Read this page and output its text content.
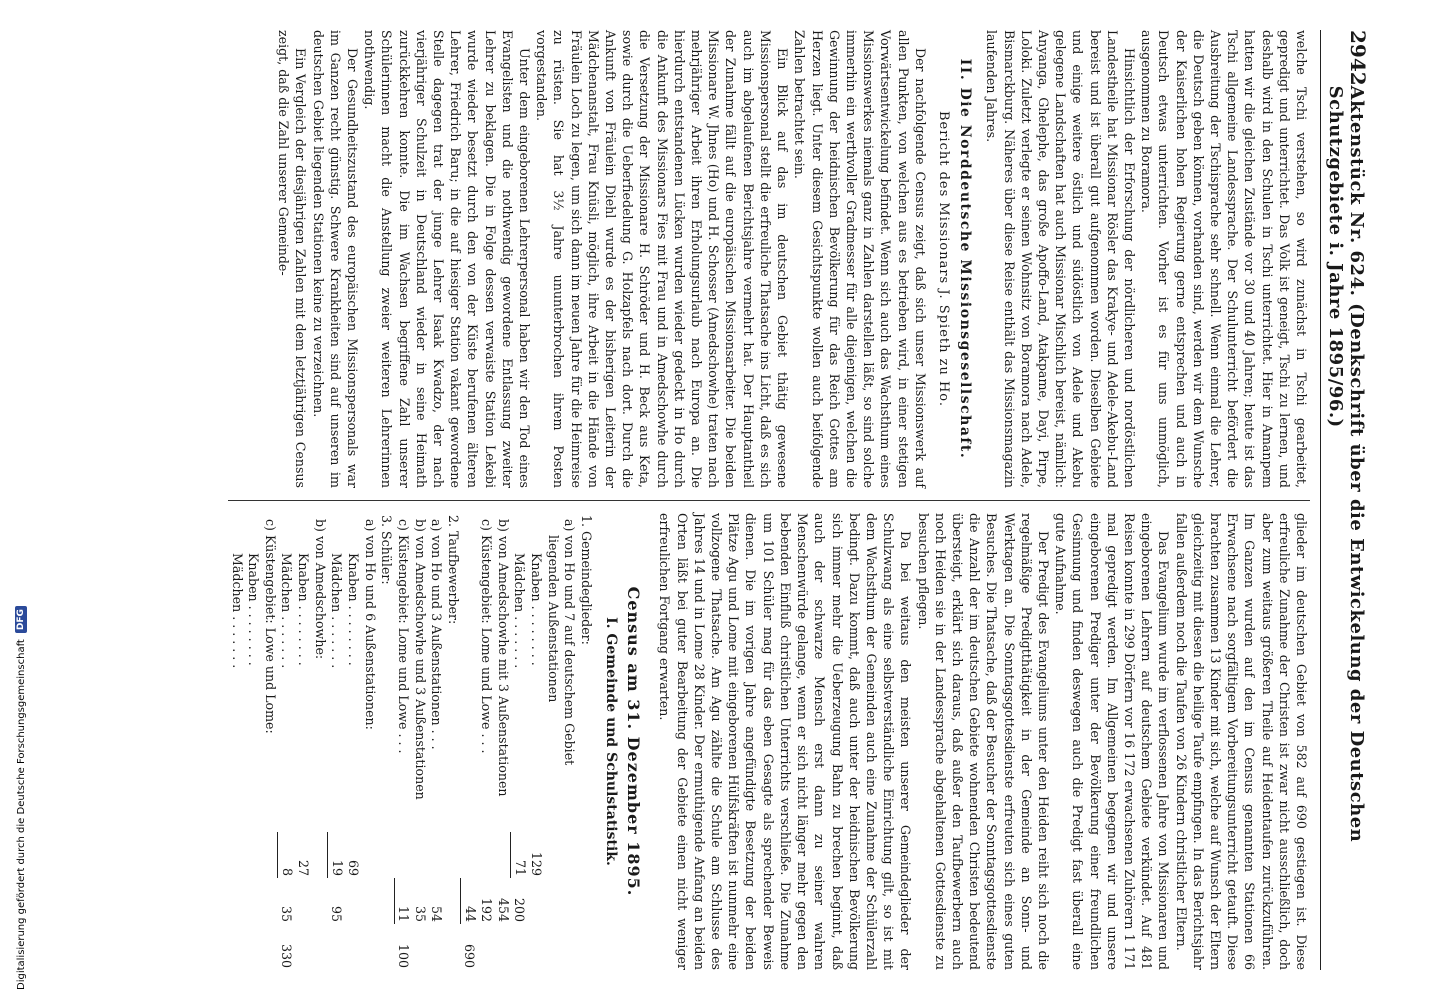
2942
Aktenstück Nr. 624. (Denkschrift über die Entwickelung der Deutschen Schutzgebiete i. Jahre 1895/96.)

welche Tschi verstehen, so wird zunächst in Tschi gearbeitet, gepredigt und unterrichtet. Das Volk ist geneigt, Tschi zu lernen, und deshalb wird in den Schulen in Tschi unterrichtet. Hier in Amanpem hatten wir die gleichen Zustände vor 30 und 40 Jahren; heute ist das Tschi allgemeine Landessprache. Der Schulunterricht befördert die Ausbreitung der Tschisprache sehr schnell. Wenn einmal die Lehrer, die Deutsch geben können, vorhanden sind, werden wir dem Wunsche der Kaiserlichen hohen Regierung gerne entsprechen und auch in Deutsch etwas unterrichten. Vorher ist es für uns unmöglich, ausgenommen zu Boramora.

Hinsichtlich der Erforschung der nördlicheren und nordöstlichen Landestheile hat Missionar Rösler das Krakye- und Adele-Akebu-Land bereist und ist überall gut aufgenommen worden. Dieselben Gebiete und einige weitere östlich und südöstlich von Adele und Akebu gelegene Landschaften hat auch Missionar Mischlich bereist, nämlich: Anyanga, Ghelephe, das große Apoffo-Land, Atakpame, Dayi, Pirpe, Loloki. Zuletzt verlegte er seinen Wohnsitz von Boramora nach Adele, Bismarckburg. Näheres über diese Reise enthält das Missionsmagazin laufenden Jahres.

II. Die Norddeutsche Missionsgesellschaft.
Bericht des Missionars J. Spieth zu Ho.

Der nachfolgende Census zeigt, daß sich unser Missionswerk auf allen Punkten, von welchen aus es betrieben wird, in einer stetigen Vorwärtsentwickelung befindet. Wenn sich auch das Wachsthum eines Missionswerkes niemals ganz in Zahlen darstellen läßt, so sind solche immerhin ein werthvoller Gradmesser für alle diejenigen, welchen die Gewinnung der heidnischen Bevölkerung für das Reich Gottes am Herzen liegt. Unter diesem Gesichtspunkte wollen auch beifolgende Zahlen betrachtet sein.

Ein Blick auf das im deutschen Gebiet thätig gewesene Missionspersonal stellt die erfreuliche Thatsache ins Licht, daß es sich auch im abgelaufenen Berichtsjahre vermehrt hat. Der Hauptantheil der Zunahme fällt auf die europäischen Missionsarbeiter. Die beiden Missionare W. Jhnes (Ho) und H. Schosser (Amedschowhe) traten nach mehrjähriger Arbeit ihren Erholungsurlaub nach Europa an. Die hierdurch entstandenen Lücken wurden wieder gedeckt in Ho durch die Ankunft des Missionars Fies mit Frau und in Amedschowhe durch die Versetzung der Missionare H. Schröder und H. Beck aus Keta, sowie durch die Ueberfiedelung G. Holzapfels nach dort. Durch die Ankunft von Fräulein Diehl wurde es der bisherigen Leiterin der Mädchenanstalt, Frau Knüsli, möglich, ihre Arbeit in die Hände von Fräulein Loch zu legen, um sich dann im neuen Jahre für die Heimreise zu rüsten. Sie hat 3½ Jahre ununterbrochen ihrem Posten vorgestanden.

Unter dem eingeborenen Lehrerpersonal haben wir den Tod eines Evangelisten und die nothwendig gewordene Entlassung zweiter Lehrer zu beklagen. Die in Folge dessen verwaiste Station Lekebi wurde wieder besetzt durch den von der Küste berufenen älteren Lehrer, Friedrich Baru; in die auf hiesiger Station vakant gewordene Stelle dagegen trat der junge Lehrer Isaak Kwadzo, der nach vierjähriger Schulzeit in Deutschland wieder in seine Heimath zurückkehren konnte. Die im Wachsen begriffene Zahl unserer Schülerinnen macht die Anstellung zweier weiteren Lehrerinnen nothwendig.

Der Gesundheitszustand des europäischen Missionspersonals war im Ganzen recht günstig. Schwere Krankheiten sind auf unseren im deutschen Gebiet liegenden Stationen keine zu verzeichnen.

Ein Vergleich der diesjährigen Zahlen mit dem letztjährigen Census zeigt, daß die Zahl unserer Gemeinde-

glieder im deutschen Gebiet von 582 auf 690 gestiegen ist. Diese erfreuliche Zunahme der Christen ist zwar nicht ausschließlich, doch aber zum weitaus größeren Theile auf Heidentaufen zurückzuführen. Im Ganzen wurden auf den im Census genannten Stationen 66 Erwachsene nach sorgfältigem Vorbereitungsunterricht getauft. Diese brachten zusammen 13 Kinder mit sich, welche auf Wunsch der Eltern gleichzeitig mit diesen die heilige Taufe empfingen. In das Berichtsjahr fallen außerdem noch die Taufen von 26 Kindern christlicher Eltern.

Das Evangelium wurde im verflossenen Jahre von Missionaren und eingeborenen Lehrern auf deutschem Gebiete verkündet. Auf 481 Reisen konnte in 299 Dörfern vor 16 172 erwachsenen Zuhörern 1 171 mal gepredigt werden. Im Allgemeinen begegnen wir und unsere eingeborenen Prediger unter der Bevölkerung einer freundlichen Gesinnung und finden deswegen auch die Predigt fast überall eine gute Aufnahme.

Der Predigt des Evangeliums unter den Heiden reiht sich noch die regelmäßige Predigtthätigkeit in der Gemeinde an Sonn- und Werktagen an. Die Sonntagsgottesdienste erfreuten sich eines guten Besuches. Die Thatsache, daß der Besucher der Sonntagsgottesdienste die Anzahl der im deutschen Gebiete wohnenden Christen bedeutend übersteigt, erklärt sich daraus, daß außer den Taufbewerbern auch noch Heiden sie in der Landessprache abgehaltenen Gottesdienste zu besuchen pflegen.

Da bei weitaus den meisten unserer Gemeindeglieder der Schulzwang als eine selbstverständliche Einrichtung gilt, so ist mit dem Wachsthum der Gemeinden auch eine Zunahme der Schülerzahl bedingt. Dazu kommt, daß auch unter der heidnischen Bevölkerung sich immer mehr die Ueberzeugung Bahn zu brechen beginnt, daß auch der schwarze Mensch erst dann zu seiner wahren Menschenwürde gelange, wenn er sich nicht länger mehr gegen den bebenden Einfluß christlichen Unterrichts verschließe. Die Zunahme um 101 Schüler mag für das eben Gesagte als sprechender Beweis dienen. Die im vorigen Jahre angefündigte Besetzung der beiden Plätze Agu und Lome mit eingeborenen Hülfskräften ist nunmehr eine vollzogene Thatsache. Am Agu zählte die Schule am Schlusse des Jahres 14 und in Lome 28 Kinder. Der ermuthigende Anfang an beiden Orten läßt bei guter Bearbeitung der Gebiete einen nicht weniger erfreulichen Fortgang erwarten.

Census am 31. Dezember 1895.
I. Gemeinde und Schulstatistik.
1. Gemeindeglieder:			
a) von Ho und 7 auf deutschem Gebiet			
liegenden Außenstationen			
Knaben . . . . . . . .	129		
Mädchen . . . . . . .	71	200	
b) von Amedschowhe mit 3 Außenstationen		454	
c) Küstengebiet: Lome und Lowe . . .		192	
		44	690
2. Taufbewerber:			
a) von Ho und 3 Außenstationen . . .		54	
b) von Amedschowhe und 3 Außenstationen		35	
c) Küstengebiet: Lome und Lowe . . .		11	100
3. Schüler:			
a) von Ho und 6 Außenstationen:			
Knaben . . . . . . . .	69		
Mädchen . . . . . . .	19	95	
b) von Amedschowhe:			
Knaben . . . . . . . .	27		
Mädchen . . . . . . .	8	35	330
c) Küstengebiet: Lowe und Lome:			
Knaben . . . . . . . .			
Mädchen . . . . . . .			
Digitalisierung gefördert durch die Deutsche Forschungsgemeinschaft
DFG
